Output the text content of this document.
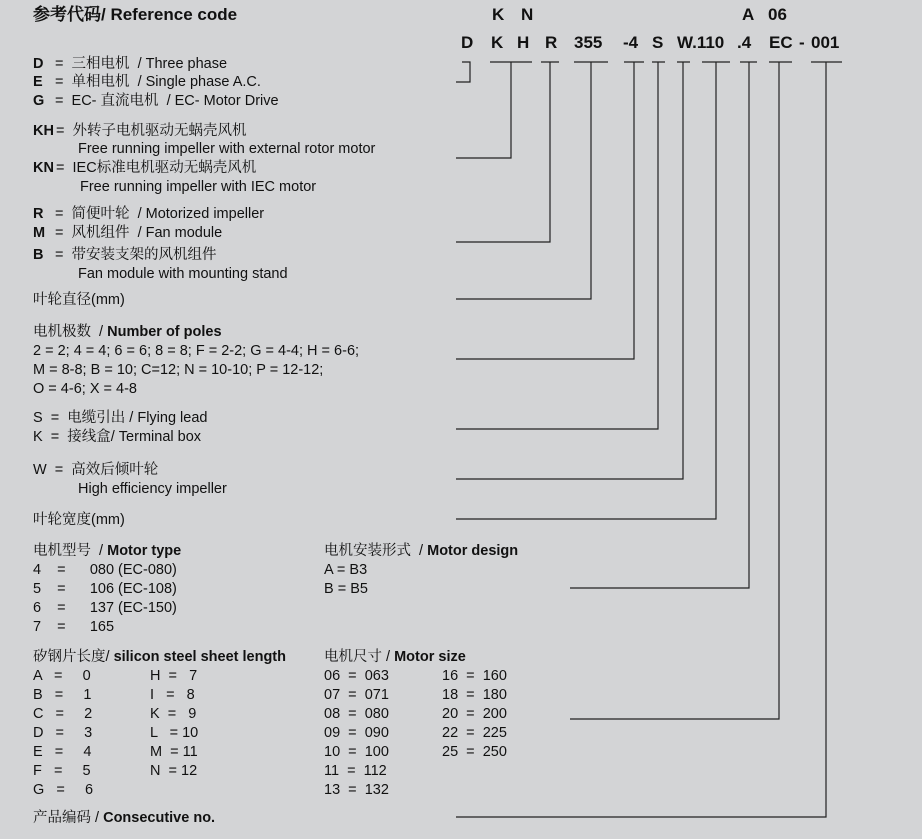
参考代码/ Reference code	K N	A 06
D K H R 355 -4 S W.110 .4 EC - 001
D =  三相电机  / Three phase
E =  单相电机  / Single phase A.C.
G =  EC- 直流电机  / EC- Motor Drive
KH =  外转子电机驱动无蜗壳风机
Free running impeller with external rotor motor
KN =  IEC标准电机驱动无蜗壳风机
Free running impeller with IEC motor
R =  简便叶轮  / Motorized impeller
M =  风机组件  / Fan module
B =  带安装支架的风机组件
Fan module with mounting stand
叶轮直径(mm)
电机极数  / Number of poles
2 = 2; 4 = 4; 6 = 6; 8 = 8; F = 2-2; G = 4-4; H = 6-6;
M = 8-8; B = 10; C=12; N = 10-10; P = 12-12;
O = 4-6; X = 4-8
S  =  电缆引出 / Flying lead
K  =  接线盒/ Terminal box
W  =  高效后倾叶轮
High efficiency impeller
叶轮宽度(mm)
电机型号  / Motor type
4    =      080 (EC-080)
5    =      106 (EC-108)
6    =      137 (EC-150)
7    =      165
电机安装形式  / Motor design
A = B3
B = B5
矽钢片长度/ silicon steel sheet length
A   =     0
B   =     1
C   =     2
D   =     3
E   =     4
F   =     5
G   =     6
H  =   7
I   =   8
K  =   9
L   = 10
M  = 11
N  = 12
电机尺寸 / Motor size
06  =  063
07  =  071
08  =  080
09  =  090
10  =  100
11  =  112
13  =  132
16  =  160
18  =  180
20  =  200
22  =  225
25  =  250
产品编码 / Consecutive no.
